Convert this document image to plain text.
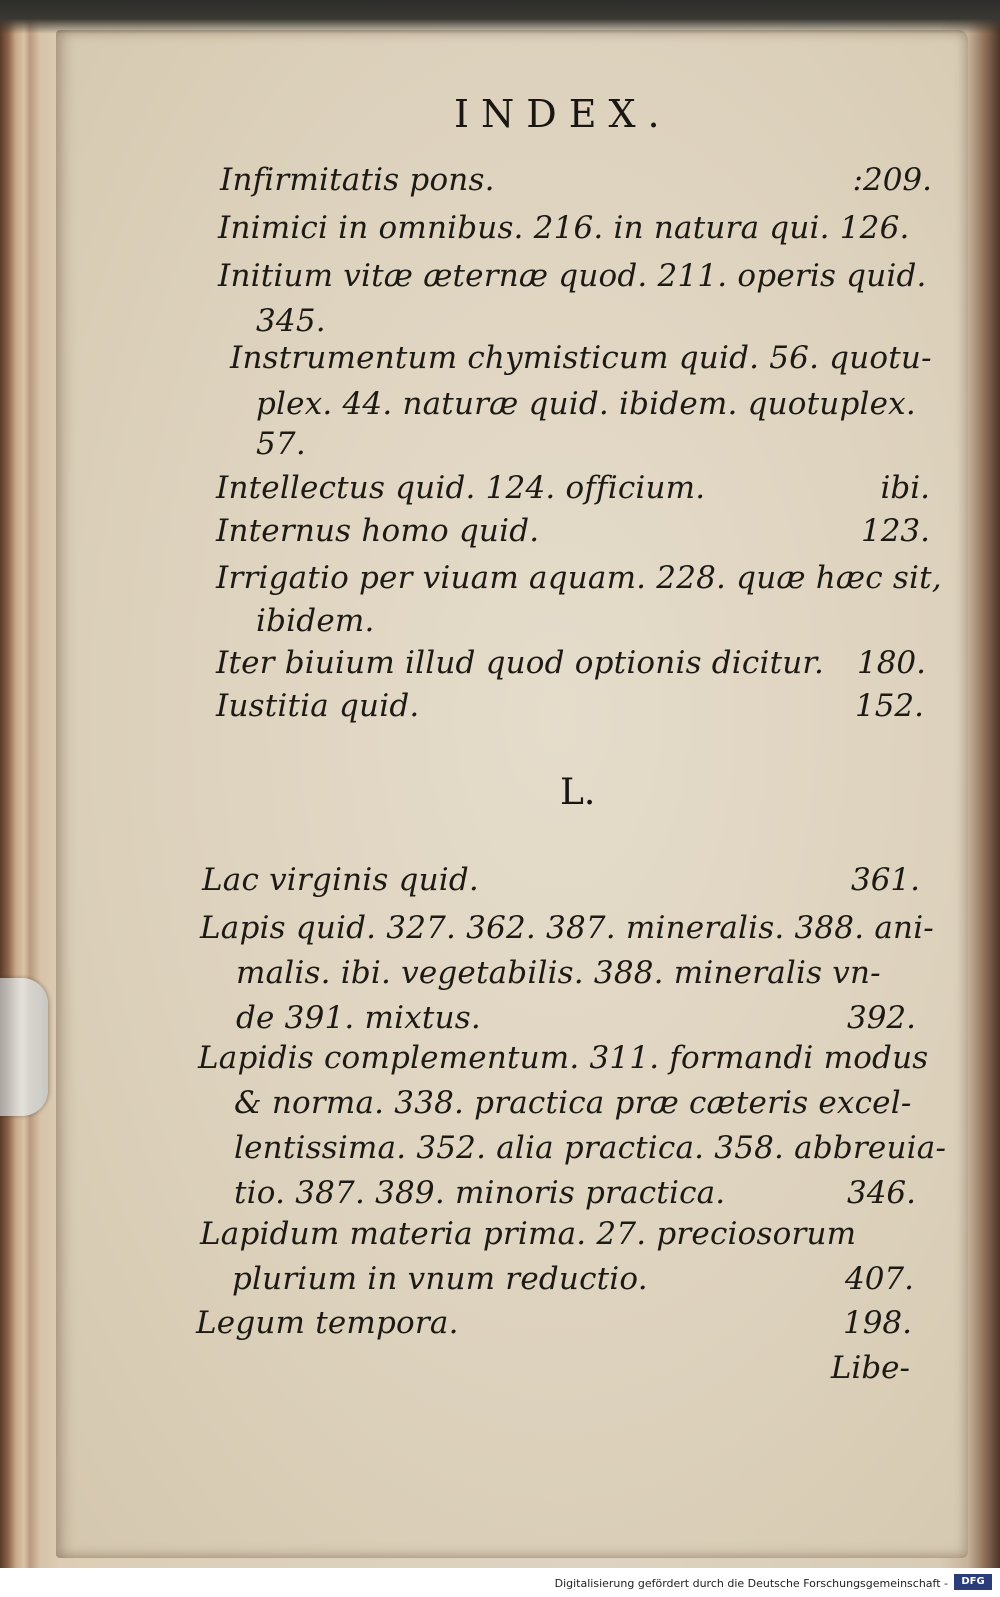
INDEX.
Infirmitatis pons.	:209.
Inimici in omnibus. 216. in natura qui. 126.
Initium vitæ æternæ quod. 211. operis quid.
345.
Instrumentum chymisticum quid. 56. quotu-
plex. 44. naturæ quid. ibidem. quotuplex.
57.
Intellectus quid. 124. officium.	ibi.
Internus homo quid.	123.
Irrigatio per viuam aquam. 228. quæ hæc sit,
ibidem.
Iter biuium illud quod optionis dicitur. 180.
Iustitia quid.	152.
L.
Lac virginis quid.	361.
Lapis quid. 327. 362. 387. mineralis. 388. ani-
malis. ibi. vegetabilis. 388. mineralis vn-
de 391. mixtus.	392.
Lapidis complementum. 311. formandi modus
& norma. 338. practica præ cæteris excel-
lentissima. 352. alia practica. 358. abbreuia-
tio. 387. 389. minoris practica.	346.
Lapidum materia prima. 27. preciosorum
plurium in vnum reductio.	407.
Legum tempora.	198.
Libe-
Digitalisierung gefördert durch die Deutsche Forschungsgemeinschaft -	DFG
